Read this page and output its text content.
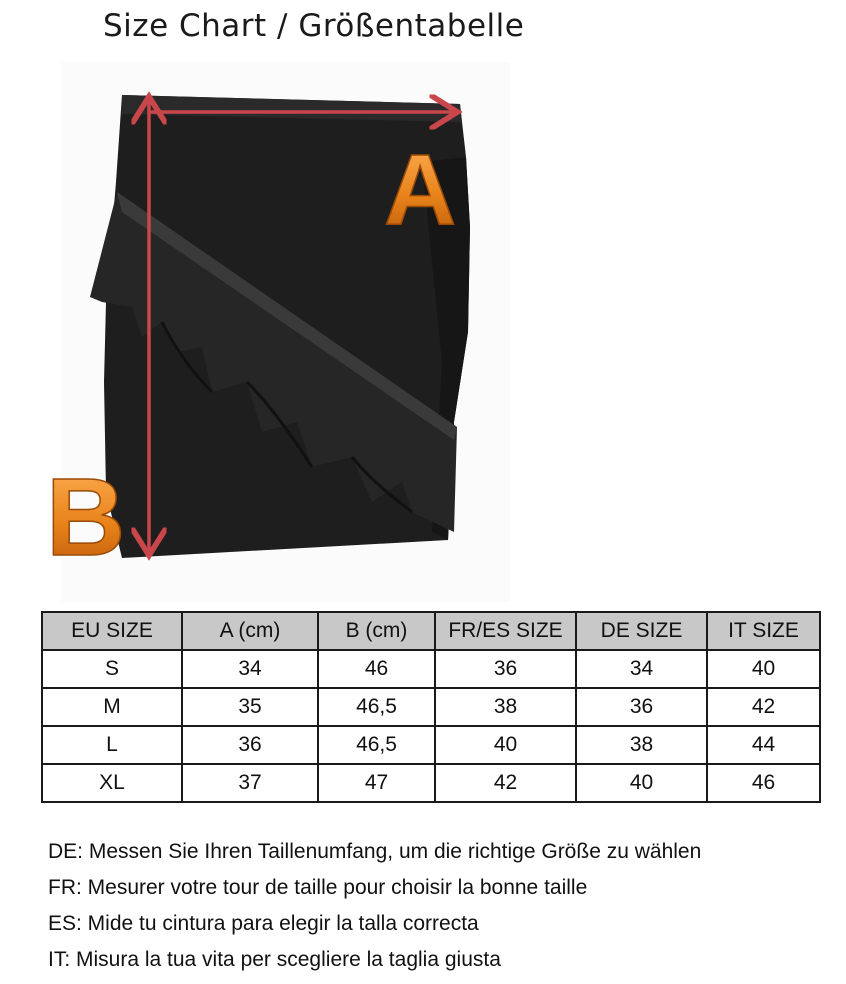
Size Chart / Größentabelle
A
B
EU SIZE	A (cm)	B (cm)	FR/ES SIZE	DE SIZE	IT SIZE
S	34	46	36	34	40
M	35	46,5	38	36	42
L	36	46,5	40	38	44
XL	37	47	42	40	46
DE: Messen Sie Ihren Taillenumfang, um die richtige Größe zu wählen
FR: Mesurer votre tour de taille pour choisir la bonne taille
ES: Mide tu cintura para elegir la talla correcta
IT: Misura la tua vita per scegliere la taglia giusta
